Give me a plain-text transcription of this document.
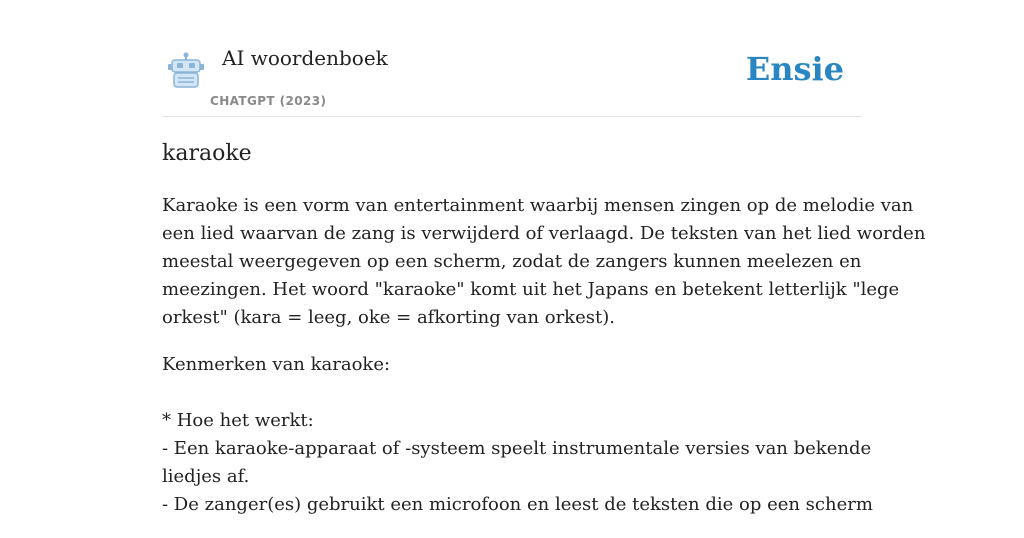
AI woordenboek
CHATGPT (2023)
Ensie
karaoke

Karaoke is een vorm van entertainment waarbij mensen zingen op de melodie van
een lied waarvan de zang is verwijderd of verlaagd. De teksten van het lied worden
meestal weergegeven op een scherm, zodat de zangers kunnen meelezen en
meezingen. Het woord "karaoke" komt uit het Japans en betekent letterlijk "lege
orkest" (kara = leeg, oke = afkorting van orkest).

Kenmerken van karaoke:
* Hoe het werkt:
- Een karaoke-apparaat of -systeem speelt instrumentale versies van bekende
liedjes af.
- De zanger(es) gebruikt een microfoon en leest de teksten die op een scherm
